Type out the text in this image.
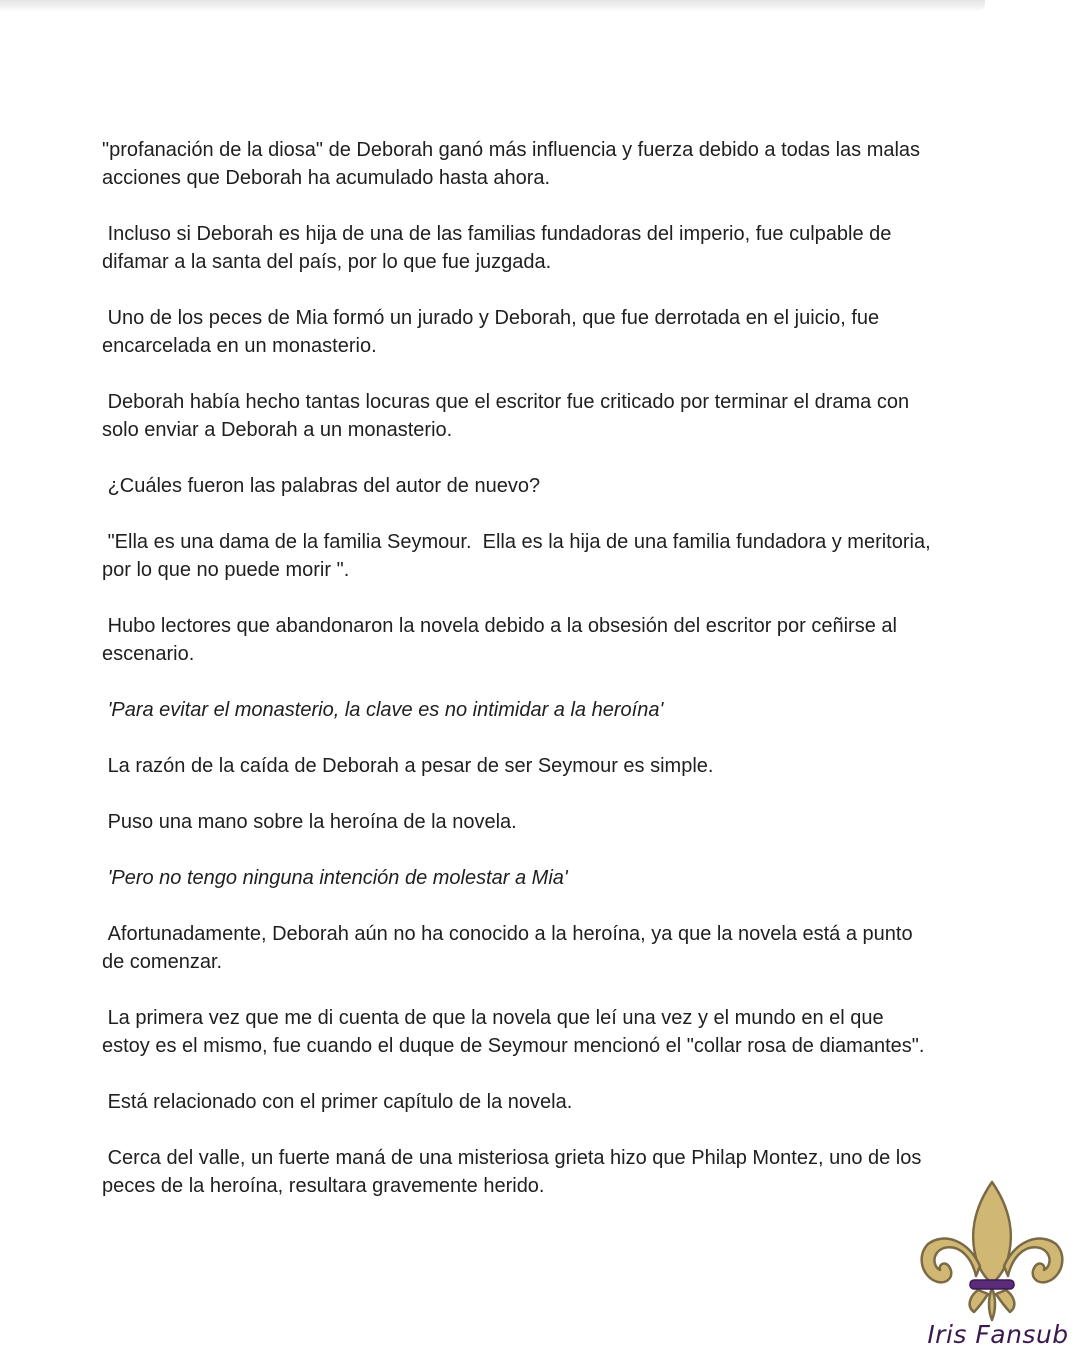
"profanación de la diosa" de Deborah ganó más influencia y fuerza debido a todas las malas acciones que Deborah ha acumulado hasta ahora.

Incluso si Deborah es hija de una de las familias fundadoras del imperio, fue culpable de difamar a la santa del país, por lo que fue juzgada.

Uno de los peces de Mia formó un jurado y Deborah, que fue derrotada en el juicio, fue encarcelada en un monasterio.

Deborah había hecho tantas locuras que el escritor fue criticado por terminar el drama con solo enviar a Deborah a un monasterio.

¿Cuáles fueron las palabras del autor de nuevo?

"Ella es una dama de la familia Seymour.  Ella es la hija de una familia fundadora y meritoria, por lo que no puede morir ".

Hubo lectores que abandonaron la novela debido a la obsesión del escritor por ceñirse al escenario.

'Para evitar el monasterio, la clave es no intimidar a la heroína'

La razón de la caída de Deborah a pesar de ser Seymour es simple.

Puso una mano sobre la heroína de la novela.

'Pero no tengo ninguna intención de molestar a Mia'

Afortunadamente, Deborah aún no ha conocido a la heroína, ya que la novela está a punto de comenzar.

La primera vez que me di cuenta de que la novela que leí una vez y el mundo en el que estoy es el mismo, fue cuando el duque de Seymour mencionó el "collar rosa de diamantes".

Está relacionado con el primer capítulo de la novela.

Cerca del valle, un fuerte maná de una misteriosa grieta hizo que Philap Montez, uno de los peces de la heroína, resultara gravemente herido.

Iris Fansub
